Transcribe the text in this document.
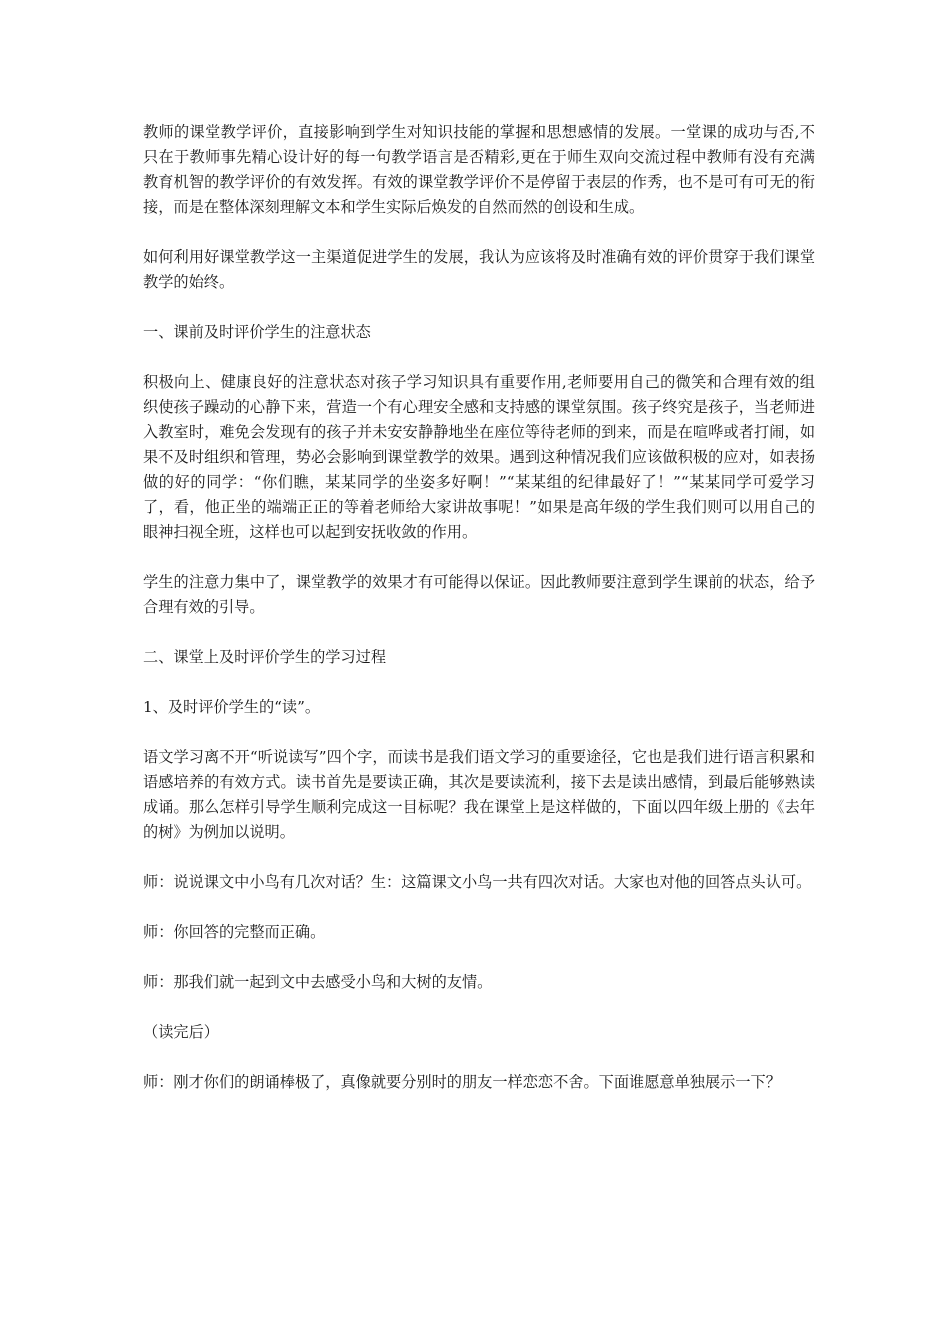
教师的课堂教学评价，直接影响到学生对知识技能的掌握和思想感情的发展。一堂课的成功与否,不只在于教师事先精心设计好的每一句教学语言是否精彩,更在于师生双向交流过程中教师有没有充满教育机智的教学评价的有效发挥。有效的课堂教学评价不是停留于表层的作秀，也不是可有可无的衔接，而是在整体深刻理解文本和学生实际后焕发的自然而然的创设和生成。

如何利用好课堂教学这一主渠道促进学生的发展，我认为应该将及时准确有效的评价贯穿于我们课堂教学的始终。

一、课前及时评价学生的注意状态

积极向上、健康良好的注意状态对孩子学习知识具有重要作用,老师要用自己的微笑和合理有效的组织使孩子躁动的心静下来，营造一个有心理安全感和支持感的课堂氛围。孩子终究是孩子，当老师进入教室时，难免会发现有的孩子并未安安静静地坐在座位等待老师的到来，而是在喧哗或者打闹，如果不及时组织和管理，势必会影响到课堂教学的效果。遇到这种情况我们应该做积极的应对，如表扬做的好的同学：“你们瞧，某某同学的坐姿多好啊！”“某某组的纪律最好了！”“某某同学可爱学习了，看，他正坐的端端正正的等着老师给大家讲故事呢！”如果是高年级的学生我们则可以用自己的眼神扫视全班，这样也可以起到安抚收敛的作用。

学生的注意力集中了，课堂教学的效果才有可能得以保证。因此教师要注意到学生课前的状态，给予合理有效的引导。

二、课堂上及时评价学生的学习过程

1、及时评价学生的“读”。

语文学习离不开“听说读写”四个字，而读书是我们语文学习的重要途径，它也是我们进行语言积累和语感培养的有效方式。读书首先是要读正确，其次是要读流利，接下去是读出感情，到最后能够熟读成诵。那么怎样引导学生顺利完成这一目标呢？我在课堂上是这样做的，下面以四年级上册的《去年的树》为例加以说明。

师：说说课文中小鸟有几次对话？生：这篇课文小鸟一共有四次对话。大家也对他的回答点头认可。

师：你回答的完整而正确。

师：那我们就一起到文中去感受小鸟和大树的友情。

（读完后）

师：刚才你们的朗诵棒极了，真像就要分别时的朋友一样恋恋不舍。下面谁愿意单独展示一下？
